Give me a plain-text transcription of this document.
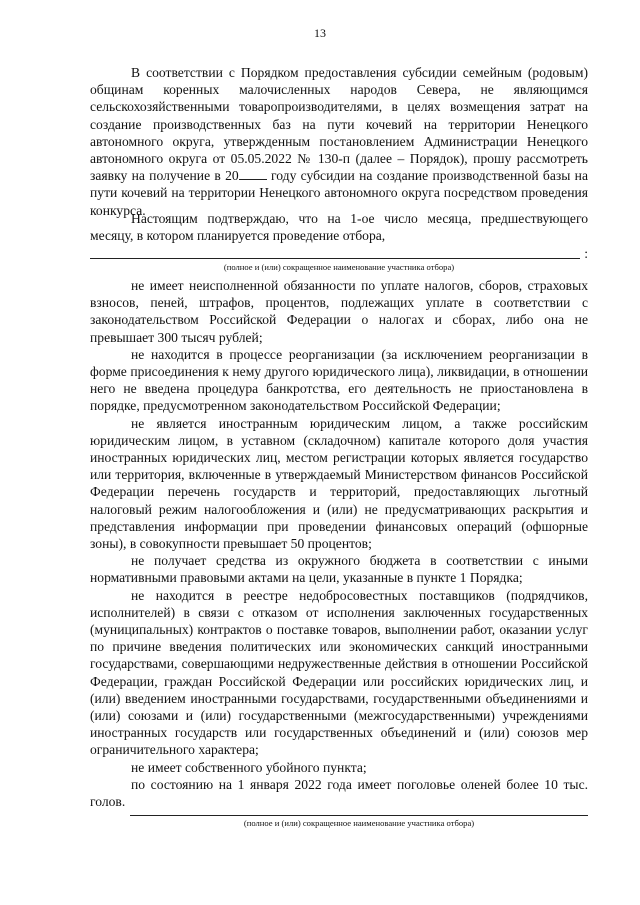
13

В соответствии с Порядком предоставления субсидии семейным (родовым) общинам коренных малочисленных народов Севера, не являющимся сельскохозяйственными товаропроизводителями, в целях возмещения затрат на создание производственных баз на пути кочевий на территории Ненецкого автономного округа, утвержденным постановлением Администрации Ненецкого автономного округа от 05.05.2022 № 130-п (далее – Порядок), прошу рассмотреть заявку на получение в 20 году субсидии на создание производственной базы на пути кочевий на территории Ненецкого автономного округа посредством проведения конкурса.

Настоящим подтверждаю, что на 1-ое число месяца, предшествующего месяцу, в котором планируется проведение отбора,

:
(полное и (или) сокращенное наименование участника отбора)

не имеет неисполненной обязанности по уплате налогов, сборов, страховых взносов, пеней, штрафов, процентов, подлежащих уплате в соответствии с законодательством Российской Федерации о налогах и сборах, либо она не превышает 300 тысяч рублей;

не находится в процессе реорганизации (за исключением реорганизации в форме присоединения к нему другого юридического лица), ликвидации, в отношении него не введена процедура банкротства, его деятельность не приостановлена в порядке, предусмотренном законодательством Российской Федерации;

не является иностранным юридическим лицом, а также российским юридическим лицом, в уставном (складочном) капитале которого доля участия иностранных юридических лиц, местом регистрации которых является государство или территория, включенные в утверждаемый Министерством финансов Российской Федерации перечень государств и территорий, предоставляющих льготный налоговый режим налогообложения и (или) не предусматривающих раскрытия и представления информации при проведении финансовых операций (офшорные зоны), в совокупности превышает 50 процентов;

не получает средства из окружного бюджета в соответствии с иными нормативными правовыми актами на цели, указанные в пункте 1 Порядка;

не находится в реестре недобросовестных поставщиков (подрядчиков, исполнителей) в связи с отказом от исполнения заключенных государственных (муниципальных) контрактов о поставке товаров, выполнении работ, оказании услуг по причине введения политических или экономических санкций иностранными государствами, совершающими недружественные действия в отношении Российской Федерации, граждан Российской Федерации или российских юридических лиц, и (или) введением иностранными государствами, государственными объединениями и (или) союзами и (или) государственными (межгосударственными) учреждениями иностранных государств или государственных объединений и (или) союзов мер ограничительного характера;

не имеет собственного убойного пункта;

по состоянию на 1 января 2022 года имеет поголовье оленей более 10 тыс. голов.

(полное и (или) сокращенное наименование участника отбора)
